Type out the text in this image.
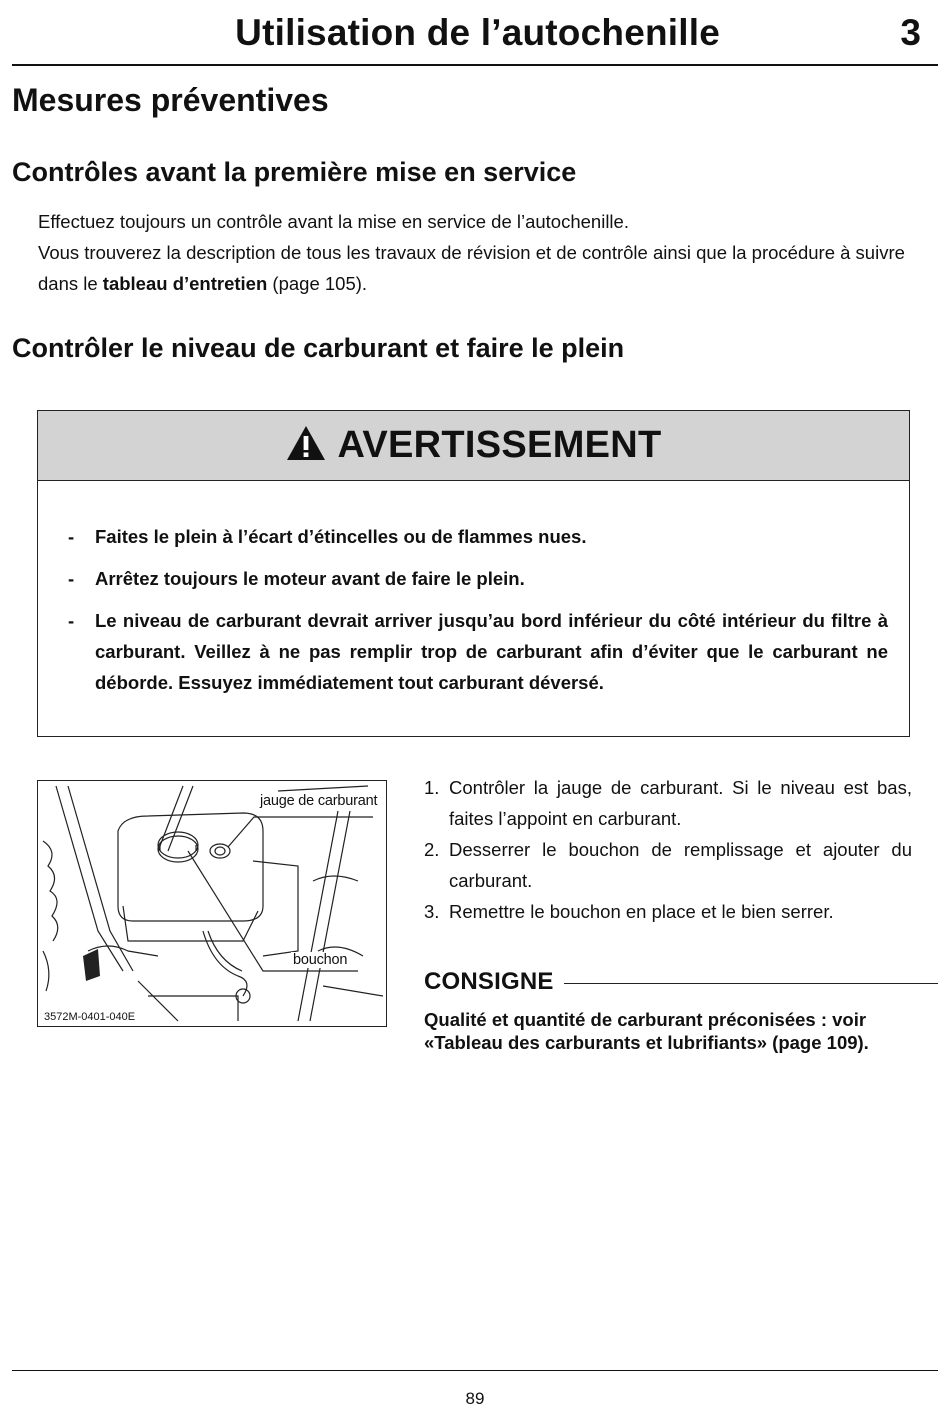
Utilisation de l’autochenille	3
Mesures préventives
Contrôles avant la première mise en service

Effectuez toujours un contrôle avant la mise en service de l’autochenille.

Vous trouverez la description de tous les travaux de révision et de contrôle ainsi que la procédure à suivre dans le tableau d’entretien (page 105).

Contrôler le niveau de carburant et faire le plein
AVERTISSEMENT
- Faites le plein à l’écart d’étincelles ou de flammes nues.
- Arrêtez toujours le moteur avant de faire le plein.
- Le niveau de carburant devrait arriver jusqu’au bord inférieur du côté intérieur du filtre à carburant. Veillez à ne pas remplir trop de carburant afin d’éviter que le carburant ne déborde. Essuyez immédiatement tout carburant déversé.
jauge de carburant
bouchon
3572M-0401-040E
1. Contrôler la jauge de carburant. Si le niveau est bas, faites l’appoint en carburant.
2. Desserrer le bouchon de remplissage et ajouter du carburant.
3. Remettre le bouchon en place et le bien serrer.
CONSIGNE

Qualité et quantité de carburant préconisées : voir

«Tableau des carburants et lubrifiants» (page 109).

89
